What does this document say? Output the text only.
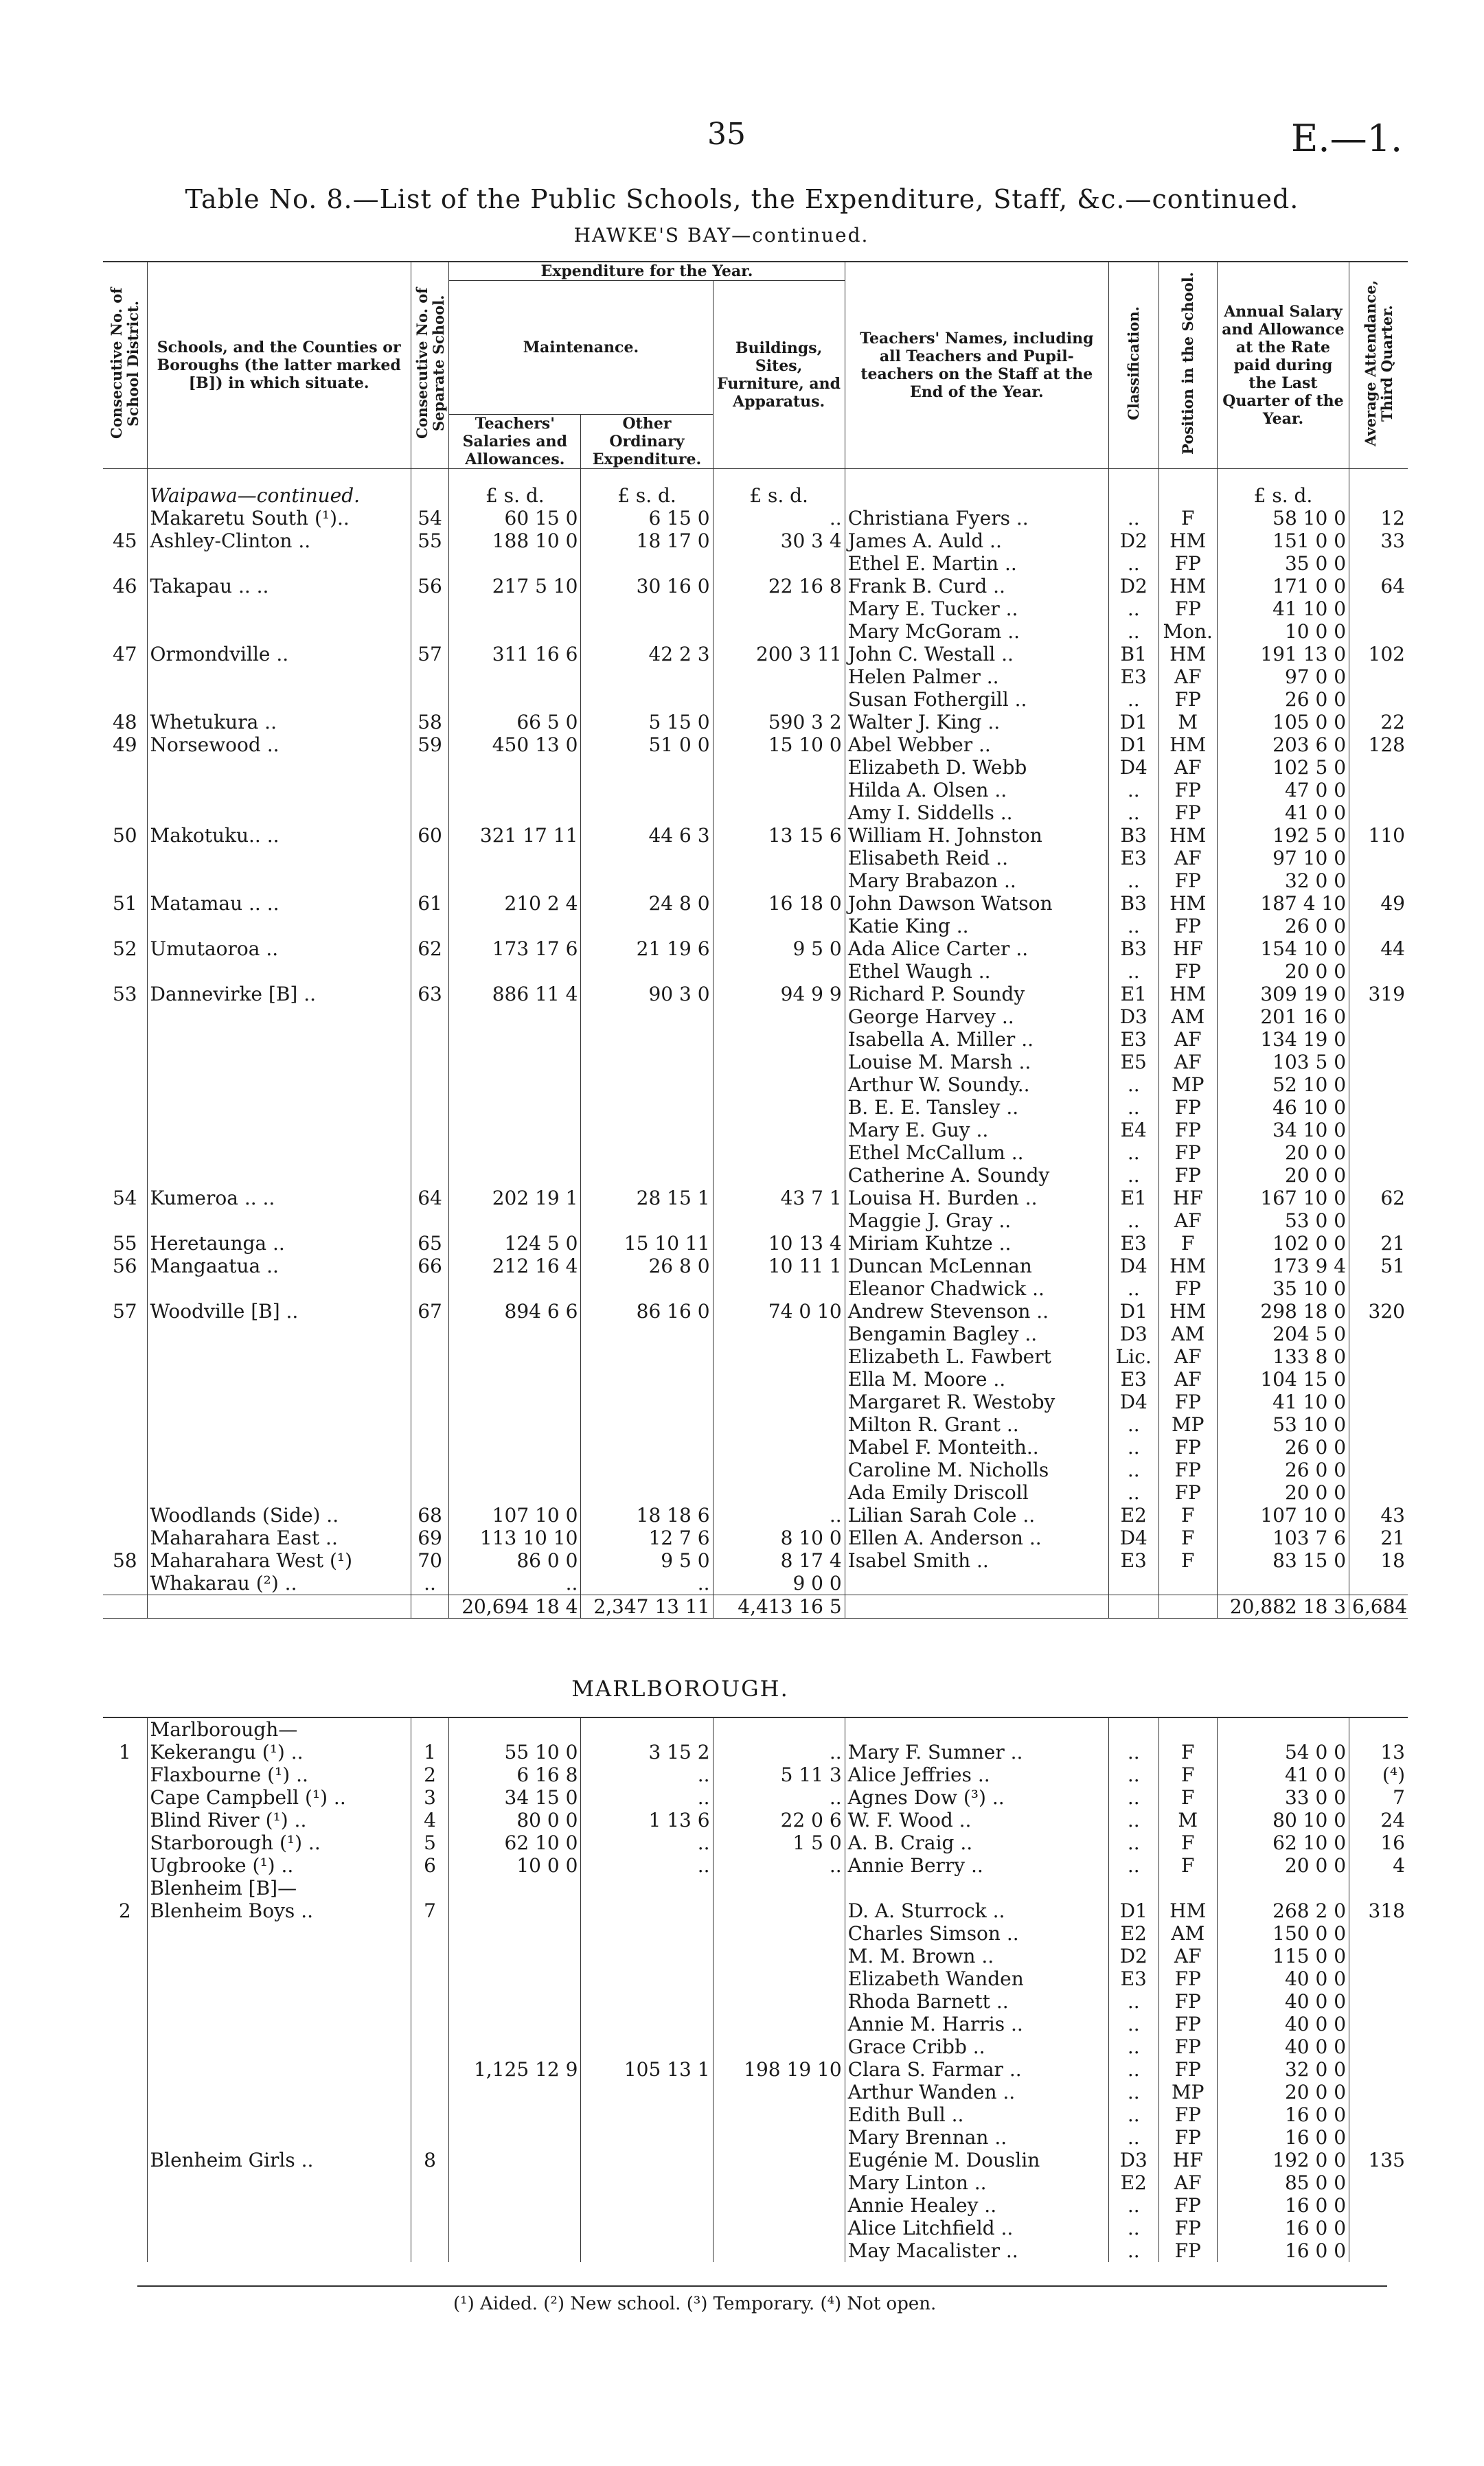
35	E.—1.
Table No. 8.—List of the Public Schools, the Expenditure, Staff, &c.—continued.
HAWKE'S BAY—continued.
Consecutive No. of School District.	Schools, and the Counties or Boroughs (the latter marked [B]) in which situate.	Consecutive No. of Separate School.	Expenditure for the Year.			Teachers' Names, including all Teachers and Pupil-teachers on the Staff at the End of the Year.	Classification.	Position in the School.	Annual Salary and Allowance at the Rate paid during the Last Quarter of the Year.	Average Attendance, Third Quarter.
			Maintenance.		Buildings, Sites, Furniture, and Apparatus.					
			Teachers' Salaries and Allowances.	Other Ordinary Expenditure.						

	Waipawa—continued.		£ s. d.	£ s. d.	£ s. d.				£ s. d.	
	Makaretu South (¹)..	54	60 15 0	6 15 0	..	Christiana Fyers ..	..	F	58 10 0	12
45	Ashley-Clinton ..	55	188 10 0	18 17 0	30 3 4	James A. Auld ..	D2	HM	151 0 0	33
						Ethel E. Martin ..	..	FP	35 0 0	
46	Takapau .. ..	56	217 5 10	30 16 0	22 16 8	Frank B. Curd ..	D2	HM	171 0 0	64
						Mary E. Tucker ..	..	FP	41 10 0	
						Mary McGoram ..	..	Mon.	10 0 0	
47	Ormondville ..	57	311 16 6	42 2 3	200 3 11	John C. Westall ..	B1	HM	191 13 0	102
						Helen Palmer ..	E3	AF	97 0 0	
						Susan Fothergill ..	..	FP	26 0 0	
48	Whetukura ..	58	66 5 0	5 15 0	590 3 2	Walter J. King ..	D1	M	105 0 0	22
49	Norsewood ..	59	450 13 0	51 0 0	15 10 0	Abel Webber ..	D1	HM	203 6 0	128
						Elizabeth D. Webb	D4	AF	102 5 0	
						Hilda A. Olsen ..	..	FP	47 0 0	
						Amy I. Siddells ..	..	FP	41 0 0	
50	Makotuku.. ..	60	321 17 11	44 6 3	13 15 6	William H. Johnston	B3	HM	192 5 0	110
						Elisabeth Reid ..	E3	AF	97 10 0	
						Mary Brabazon ..	..	FP	32 0 0	
51	Matamau .. ..	61	210 2 4	24 8 0	16 18 0	John Dawson Watson	B3	HM	187 4 10	49
						Katie King ..	..	FP	26 0 0	
52	Umutaoroa ..	62	173 17 6	21 19 6	9 5 0	Ada Alice Carter ..	B3	HF	154 10 0	44
						Ethel Waugh ..	..	FP	20 0 0	
53	Dannevirke [B] ..	63	886 11 4	90 3 0	94 9 9	Richard P. Soundy	E1	HM	309 19 0	319
						George Harvey ..	D3	AM	201 16 0	
						Isabella A. Miller ..	E3	AF	134 19 0	
						Louise M. Marsh ..	E5	AF	103 5 0	
						Arthur W. Soundy..	..	MP	52 10 0	
						B. E. E. Tansley ..	..	FP	46 10 0	
						Mary E. Guy ..	E4	FP	34 10 0	
						Ethel McCallum ..	..	FP	20 0 0	
						Catherine A. Soundy	..	FP	20 0 0	
54	Kumeroa .. ..	64	202 19 1	28 15 1	43 7 1	Louisa H. Burden ..	E1	HF	167 10 0	62
						Maggie J. Gray ..	..	AF	53 0 0	
55	Heretaunga ..	65	124 5 0	15 10 11	10 13 4	Miriam Kuhtze ..	E3	F	102 0 0	21
56	Mangaatua ..	66	212 16 4	26 8 0	10 11 1	Duncan McLennan	D4	HM	173 9 4	51
						Eleanor Chadwick ..	..	FP	35 10 0	
57	Woodville [B] ..	67	894 6 6	86 16 0	74 0 10	Andrew Stevenson ..	D1	HM	298 18 0	320
						Bengamin Bagley ..	D3	AM	204 5 0	
						Elizabeth L. Fawbert	Lic.	AF	133 8 0	
						Ella M. Moore ..	E3	AF	104 15 0	
						Margaret R. Westoby	D4	FP	41 10 0	
						Milton R. Grant ..	..	MP	53 10 0	
						Mabel F. Monteith..	..	FP	26 0 0	
						Caroline M. Nicholls	..	FP	26 0 0	
						Ada Emily Driscoll	..	FP	20 0 0	
	Woodlands (Side) ..	68	107 10 0	18 18 6	..	Lilian Sarah Cole ..	E2	F	107 10 0	43
	Maharahara East ..	69	113 10 10	12 7 6	8 10 0	Ellen A. Anderson ..	D4	F	103 7 6	21
58	Maharahara West (¹)	70	86 0 0	9 5 0	8 17 4	Isabel Smith ..	E3	F	83 15 0	18
	Whakarau (²) ..	..	..	..	9 0 0					
			20,694 18 4	2,347 13 11	4,413 16 5				20,882 18 3	6,684
MARLBOROUGH.
	Marlborough—									
1	Kekerangu (¹) ..	1	55 10 0	3 15 2	..	Mary F. Sumner ..	..	F	54 0 0	13
	Flaxbourne (¹) ..	2	6 16 8	..	5 11 3	Alice Jeffries ..	..	F	41 0 0	(⁴)
	Cape Campbell (¹) ..	3	34 15 0	..	..	Agnes Dow (³) ..	..	F	33 0 0	7
	Blind River (¹) ..	4	80 0 0	1 13 6	22 0 6	W. F. Wood ..	..	M	80 10 0	24
	Starborough (¹) ..	5	62 10 0	..	1 5 0	A. B. Craig ..	..	F	62 10 0	16
	Ugbrooke (¹) ..	6	10 0 0	..	..	Annie Berry ..	..	F	20 0 0	4
	Blenheim [B]—									
2	Blenheim Boys ..	7				D. A. Sturrock ..	D1	HM	268 2 0	318
						Charles Simson ..	E2	AM	150 0 0	
						M. M. Brown ..	D2	AF	115 0 0	
						Elizabeth Wanden	E3	FP	40 0 0	
						Rhoda Barnett ..	..	FP	40 0 0	
						Annie M. Harris ..	..	FP	40 0 0	
						Grace Cribb ..	..	FP	40 0 0	
			1,125 12 9	105 13 1	198 19 10	Clara S. Farmar ..	..	FP	32 0 0	
						Arthur Wanden ..	..	MP	20 0 0	
						Edith Bull ..	..	FP	16 0 0	
						Mary Brennan ..	..	FP	16 0 0	
	Blenheim Girls ..	8				Eugénie M. Douslin	D3	HF	192 0 0	135
						Mary Linton ..	E2	AF	85 0 0	
						Annie Healey ..	..	FP	16 0 0	
						Alice Litchfield ..	..	FP	16 0 0	
						May Macalister ..	..	FP	16 0 0	
(¹) Aided. (²) New school. (³) Temporary. (⁴) Not open.
